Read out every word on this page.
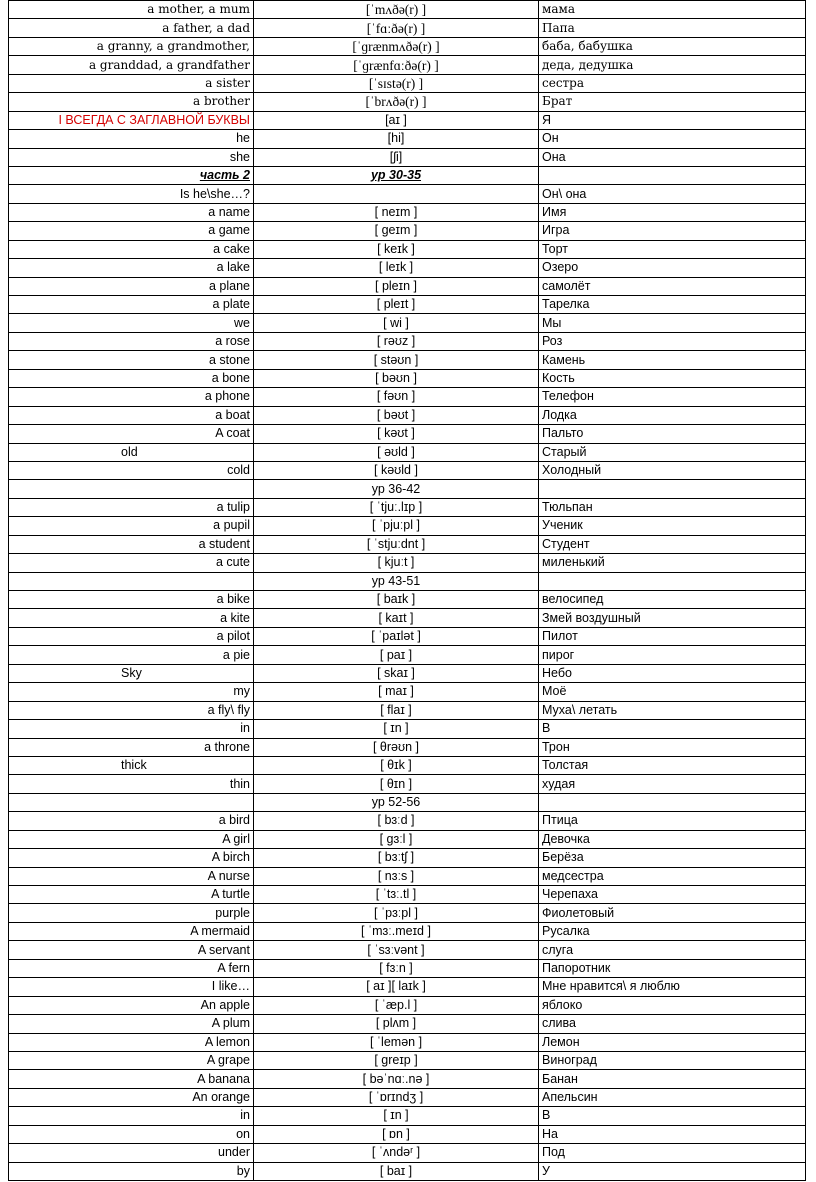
a mother, a mum	[ˈmʌðə(r) ]	мама
a father, a dad	[ˈfɑːðə(r) ]	Папа
a granny, a grandmother,	[ˈɡrænmʌðə(r) ]	баба, бабушка
a granddad, a grandfather	[ˈɡrænfɑːðə(r) ]	деда, дедушка
a sister	[ˈsɪstə(r) ]	сестра
a brother	[ˈbrʌðə(r) ]	Брат
I ВСЕГДА С ЗАГЛАВНОЙ БУКВЫ	[aɪ ]	Я
he	[hi]	Он
she	[ʃi]	Она
часть 2	ур 30-35	
Is he\she…?		Он\ она
a name	[ neɪm ]	Имя
a game	[ ɡeɪm ]	Игра
a cake	[ keɪk ]	Торт
a lake	[ leɪk ]	Озеро
a plane	[ pleɪn ]	самолёт
a plate	[ pleɪt ]	Тарелка
we	[ wi ]	Мы
a rose	[ rəʊz ]	Роз
a stone	[ stəʊn ]	Камень
a bone	[ bəʊn ]	Кость
a phone	[ fəʊn ]	Телефон
a boat	[ bəʊt ]	Лодка
A coat	[ kəʊt ]	Пальто
old	[ əʊld ]	Старый
cold	[ kəʊld ]	Холодный
	ур 36-42	
a tulip	[ ˈtjuː.lɪp ]	Тюльпан
a pupil	[ ˈpjuːpl ]	Ученик
a student	[ ˈstjuːdnt ]	Студент
a cute	[ kjuːt ]	миленький
	ур 43-51	
a bike	[ baɪk ]	велосипед
a kite	[ kaɪt ]	Змей воздушный
a pilot	[ ˈpaɪlət ]	Пилот
a pie	[ paɪ ]	пирог
Sky	[ skaɪ ]	Небо
my	[ maɪ ]	Моё
a fly\ fly	[ flaɪ ]	Муха\ летать
in	[ ɪn ]	В
a throne	[ θrəʊn ]	Трон
thick	[ θɪk ]	Толстая
thin	[ θɪn ]	худая
	ур 52-56	
a bird	[ bɜːd ]	Птица
A girl	[ ɡɜːl ]	Девочка
A birch	[ bɜːtʃ ]	Берёза
A nurse	[ nɜːs ]	медсестра
A turtle	[ ˈtɜː.tl ]	Черепаха
purple	[ ˈpɜːpl ]	Фиолетовый
A mermaid	[ ˈmɜː.meɪd ]	Русалка
A servant	[ ˈsɜːvənt ]	слуга
A fern	[ fɜːn ]	Папоротник
I like…	[ aɪ ][ laɪk ]	Мне нравится\ я люблю
An apple	[ ˈæp.l ]	яблоко
A plum	[ plʌm ]	слива
A lemon	[ ˈlemən ]	Лемон
A grape	[ ɡreɪp ]	Виноград
A banana	[ bəˈnɑː.nə ]	Банан
An orange	[ ˈɒrɪndʒ ]	Апельсин
in	[ ɪn ]	В
on	[ ɒn ]	На
under	[ ˈʌndəʳ ]	Под
by	[ baɪ ]	У
